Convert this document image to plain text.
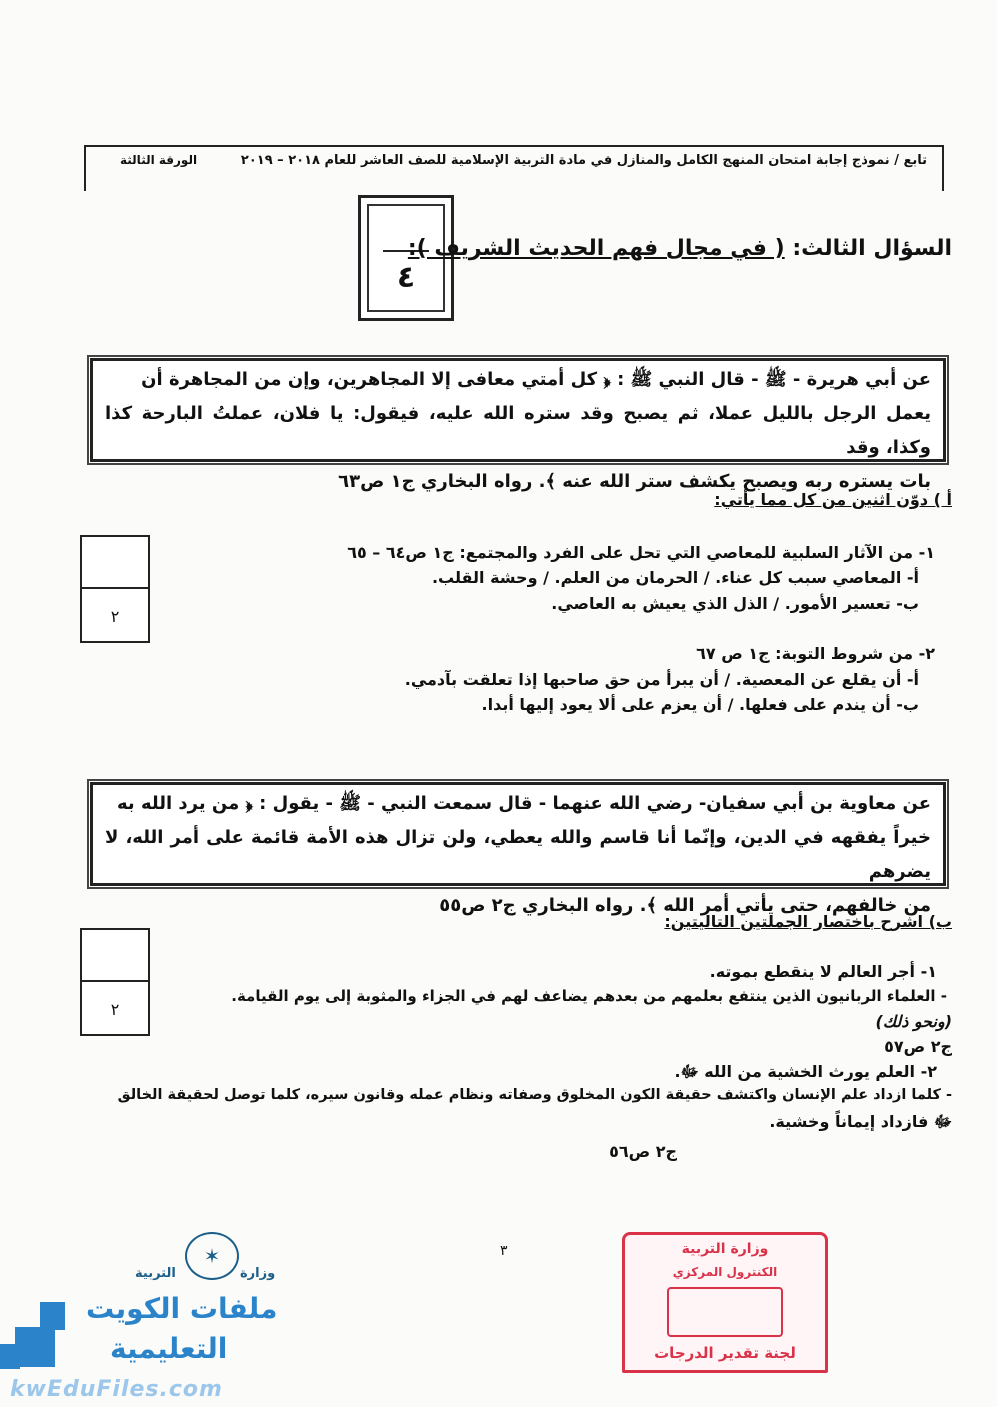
تابع / نموذج إجابة امتحان المنهج الكامل والمنازل في مادة التربية الإسلامية للصف العاشر للعام ٢٠١٨ – ٢٠١٩
الورقة الثالثة
٤
السؤال الثالث: ( في مجال فهم الحديث الشريف ):
عن أبي هريرة - ﷺ - قال النبي ﷺ : ﴿ كل أمتي معافى إلا المجاهرين، وإن من المجاهرة أن
يعمل الرجل بالليل عملا، ثم يصبح وقد ستره الله عليه، فيقول: يا فلان، عملتُ البارحة كذا وكذا، وقد
بات يستره ربه ويصبح يكشف ستر الله عنه ﴾. رواه البخاري ج١ ص٦٣
أ ) دوّن اثنين من كل مما يأتي:
٢
١- من الآثار السلبية للمعاصي التي تحل على الفرد والمجتمع: ج١ ص٦٤ – ٦٥
أ- المعاصي سبب كل عناء. / الحرمان من العلم. / وحشة القلب.
ب- تعسير الأمور. / الذل الذي يعيش به العاصي.
٢- من شروط التوبة: ج١ ص ٦٧
أ- أن يقلع عن المعصية. / أن يبرأ من حق صاحبها إذا تعلقت بآدمي.
ب- أن يندم على فعلها. / أن يعزم على ألا يعود إليها أبدا.
عن معاوية بن أبي سفيان- رضي الله عنهما - قال سمعت النبي - ﷺ - يقول : ﴿ من يرد الله به
خيراً يفقهه في الدين، وإنّما أنا قاسم والله يعطي، ولن تزال هذه الأمة قائمة على أمر الله، لا يضرهم
من خالفهم، حتى يأتي أمر الله ﴾. رواه البخاري ج٢ ص٥٥
ب) اشرح باختصار الجملتين التاليتين:
٢
١- أجر العالم لا ينقطع بموته.
- العلماء الربانيون الذين ينتفع بعلمهم من بعدهم يضاعف لهم في الجزاء والمثوبة إلى يوم القيامة.
(ونحو ذلك)
ج٢ ص٥٧
٢- العلم يورث الخشية من الله ﷻ.
- كلما ازداد علم الإنسان واكتشف حقيقة الكون المخلوق وصفاته ونظام عمله وقانون سيره، كلما توصل لحقيقة الخالق
ﷻ فازداد إيماناً وخشية.
ج٢ ص٥٦
٣	وزارة التربية
الكنترول المركزي
لجنة تقدير الدرجات
✶
وزارة
التربية
ملفات الكويت
التعليمية
kwEduFiles.com
